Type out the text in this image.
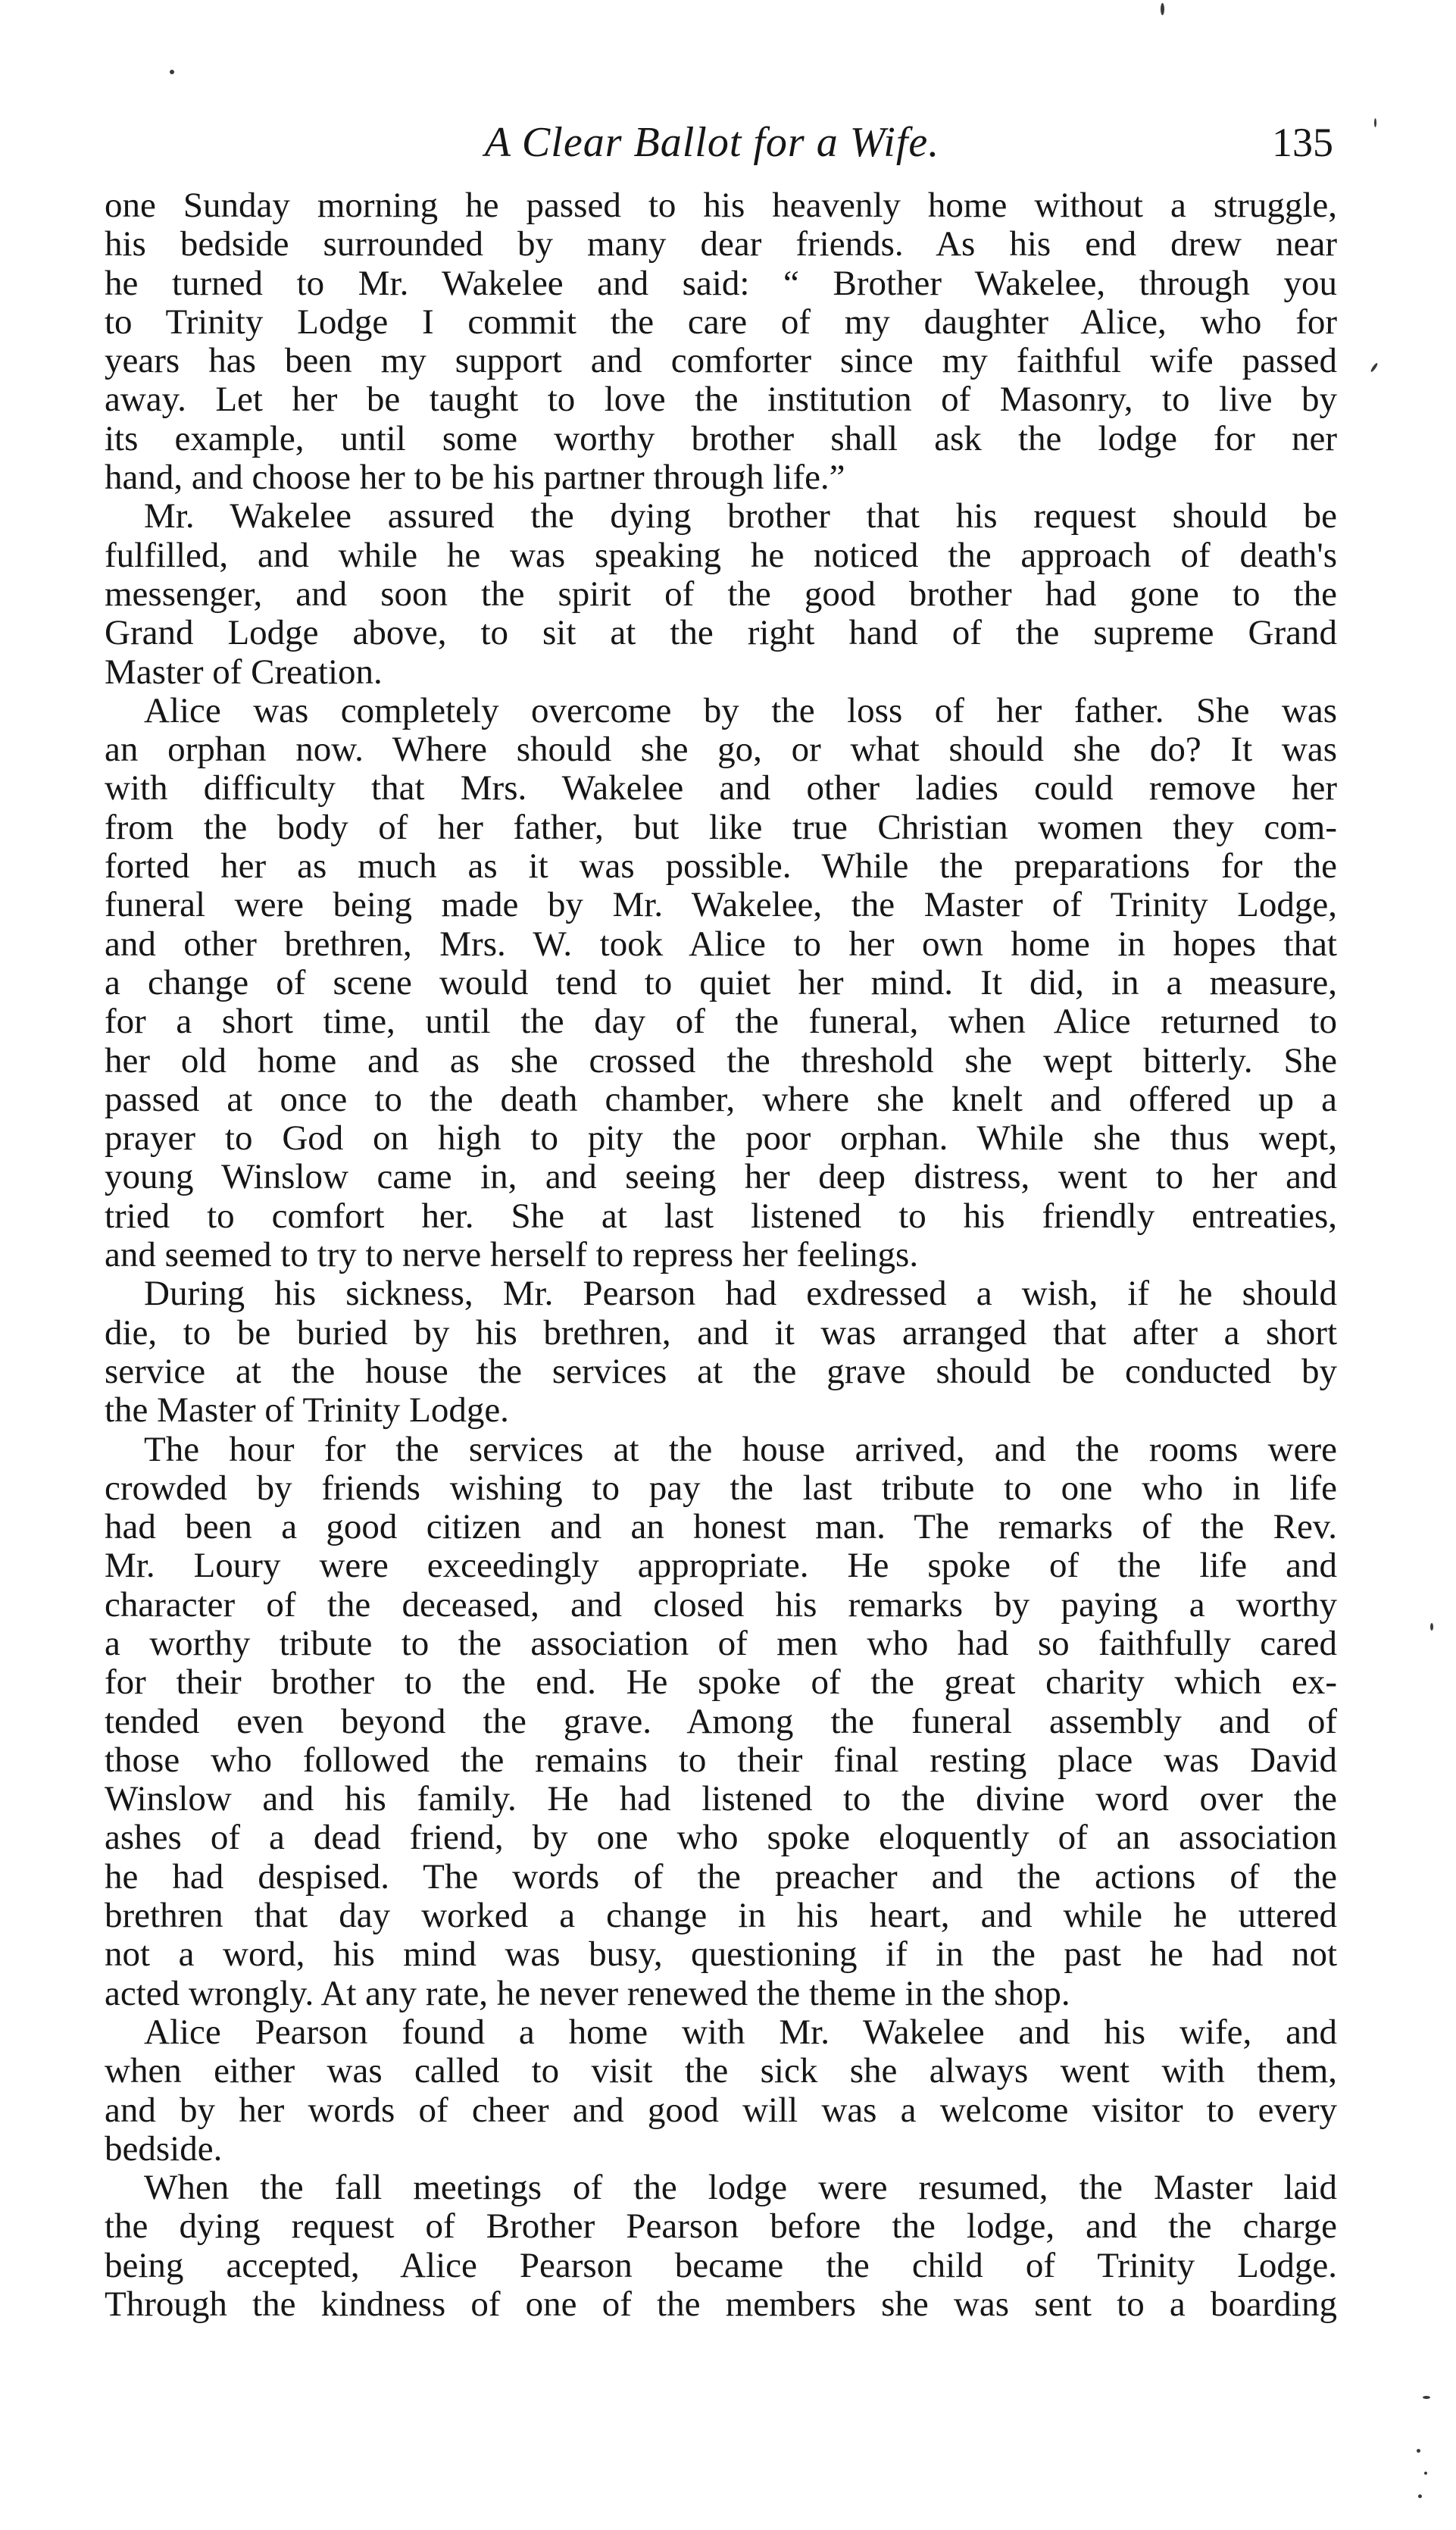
A Clear Ballot for a Wife.	135
one Sunday morning he passed to his heavenly home without a struggle,
his bedside surrounded by many dear friends. As his end drew near
he turned to Mr. Wakelee and said: “ Brother Wakelee, through you
to Trinity Lodge I commit the care of my daughter Alice, who for
years has been my support and comforter since my faithful wife passed
away. Let her be taught to love the institution of Masonry, to live by
its example, until some worthy brother shall ask the lodge for ner
hand, and choose her to be his partner through life.”
Mr. Wakelee assured the dying brother that his request should be
fulfilled, and while he was speaking he noticed the approach of death's
messenger, and soon the spirit of the good brother had gone to the
Grand Lodge above, to sit at the right hand of the supreme Grand
Master of Creation.
Alice was completely overcome by the loss of her father. She was
an orphan now. Where should she go, or what should she do? It was
with difficulty that Mrs. Wakelee and other ladies could remove her
from the body of her father, but like true Christian women they com-
forted her as much as it was possible. While the preparations for the
funeral were being made by Mr. Wakelee, the Master of Trinity Lodge,
and other brethren, Mrs. W. took Alice to her own home in hopes that
a change of scene would tend to quiet her mind. It did, in a measure,
for a short time, until the day of the funeral, when Alice returned to
her old home and as she crossed the threshold she wept bitterly. She
passed at once to the death chamber, where she knelt and offered up a
prayer to God on high to pity the poor orphan. While she thus wept,
young Winslow came in, and seeing her deep distress, went to her and
tried to comfort her. She at last listened to his friendly entreaties,
and seemed to try to nerve herself to repress her feelings.
During his sickness, Mr. Pearson had exdressed a wish, if he should
die, to be buried by his brethren, and it was arranged that after a short
service at the house the services at the grave should be conducted by
the Master of Trinity Lodge.
The hour for the services at the house arrived, and the rooms were
crowded by friends wishing to pay the last tribute to one who in life
had been a good citizen and an honest man. The remarks of the Rev.
Mr. Loury were exceedingly appropriate. He spoke of the life and
character of the deceased, and closed his remarks by paying a worthy
a worthy tribute to the association of men who had so faithfully cared
for their brother to the end. He spoke of the great charity which ex-
tended even beyond the grave. Among the funeral assembly and of
those who followed the remains to their final resting place was David
Winslow and his family. He had listened to the divine word over the
ashes of a dead friend, by one who spoke eloquently of an association
he had despised. The words of the preacher and the actions of the
brethren that day worked a change in his heart, and while he uttered
not a word, his mind was busy, questioning if in the past he had not
acted wrongly. At any rate, he never renewed the theme in the shop.
Alice Pearson found a home with Mr. Wakelee and his wife, and
when either was called to visit the sick she always went with them,
and by her words of cheer and good will was a welcome visitor to every
bedside.
When the fall meetings of the lodge were resumed, the Master laid
the dying request of Brother Pearson before the lodge, and the charge
being accepted, Alice Pearson became the child of Trinity Lodge.
Through the kindness of one of the members she was sent to a boarding
